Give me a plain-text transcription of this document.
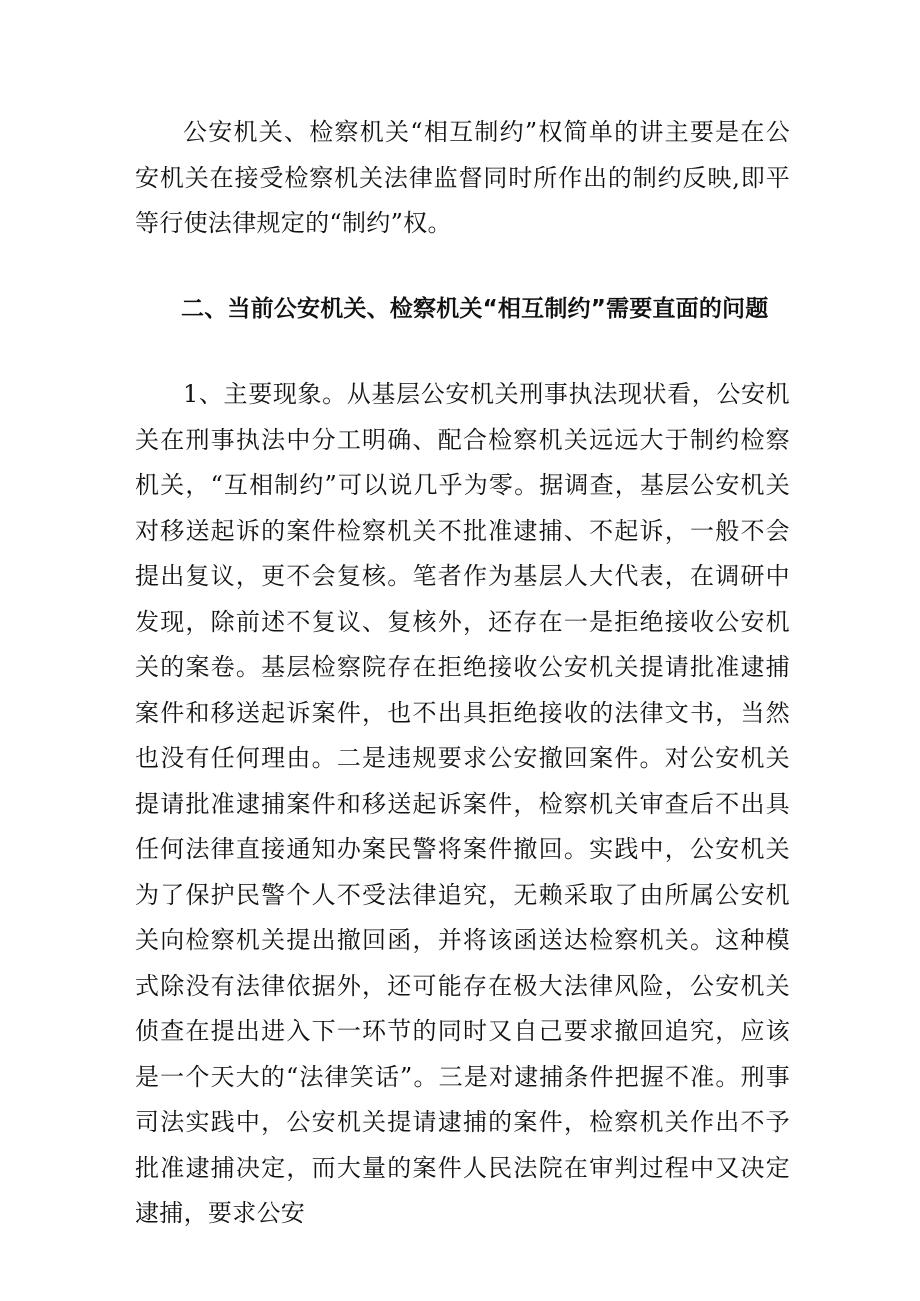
公安机关、检察机关“相互制约”权简单的讲主要是在公安机关在接受检察机关法律监督同时所作出的制约反映,即平等行使法律规定的“制约”权。

二、当前公安机关、检察机关“相互制约”需要直面的问题

1、主要现象。从基层公安机关刑事执法现状看，公安机关在刑事执法中分工明确、配合检察机关远远大于制约检察机关，“互相制约”可以说几乎为零。据调查，基层公安机关对移送起诉的案件检察机关不批准逮捕、不起诉，一般不会提出复议，更不会复核。笔者作为基层人大代表，在调研中发现，除前述不复议、复核外，还存在一是拒绝接收公安机关的案卷。基层检察院存在拒绝接收公安机关提请批准逮捕案件和移送起诉案件，也不出具拒绝接收的法律文书，当然也没有任何理由。二是违规要求公安撤回案件。对公安机关提请批准逮捕案件和移送起诉案件，检察机关审查后不出具任何法律直接通知办案民警将案件撤回。实践中，公安机关为了保护民警个人不受法律追究，无赖采取了由所属公安机关向检察机关提出撤回函，并将该函送达检察机关。这种模式除没有法律依据外，还可能存在极大法律风险，公安机关侦查在提出进入下一环节的同时又自己要求撤回追究，应该是一个天大的“法律笑话”。三是对逮捕条件把握不准。刑事司法实践中，公安机关提请逮捕的案件，检察机关作出不予批准逮捕决定，而大量的案件人民法院在审判过程中又决定逮捕，要求公安
